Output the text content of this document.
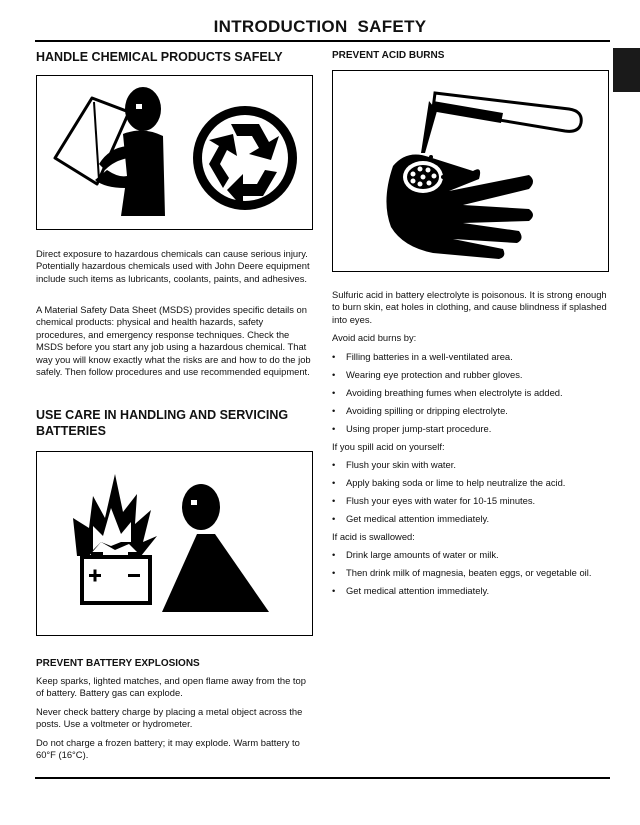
INTRODUCTION SAFETY
HANDLE CHEMICAL PRODUCTS SAFELY

Direct exposure to hazardous chemicals can cause serious injury. Potentially hazardous chemicals used with John Deere equipment include such items as lubricants, coolants, paints, and adhesives.

A Material Safety Data Sheet (MSDS) provides specific details on chemical products: physical and health hazards, safety procedures, and emergency response techniques. Check the MSDS before you start any job using a hazardous chemical. That way you will know exactly what the risks are and how to do the job safely. Then follow procedures and use recommended equipment.

USE CARE IN HANDLING AND SERVICING BATTERIES
PREVENT BATTERY EXPLOSIONS

Keep sparks, lighted matches, and open flame away from the top of battery. Battery gas can explode.

Never check battery charge by placing a metal object across the posts. Use a voltmeter or hydrometer.

Do not charge a frozen battery; it may explode. Warm battery to 60°F (16°C).

PREVENT ACID BURNS

Sulfuric acid in battery electrolyte is poisonous. It is strong enough to burn skin, eat holes in clothing, and cause blindness if splashed into eyes.

Avoid acid burns by:

• Filling batteries in a well-ventilated area.
• Wearing eye protection and rubber gloves.
• Avoiding breathing fumes when electrolyte is added.
• Avoiding spilling or dripping electrolyte.
• Using proper jump-start procedure.

If you spill acid on yourself:

• Flush your skin with water.
• Apply baking soda or lime to help neutralize the acid.
• Flush your eyes with water for 10-15 minutes.
• Get medical attention immediately.

If acid is swallowed:

• Drink large amounts of water or milk.
• Then drink milk of magnesia, beaten eggs, or vegetable oil.
• Get medical attention immediately.
